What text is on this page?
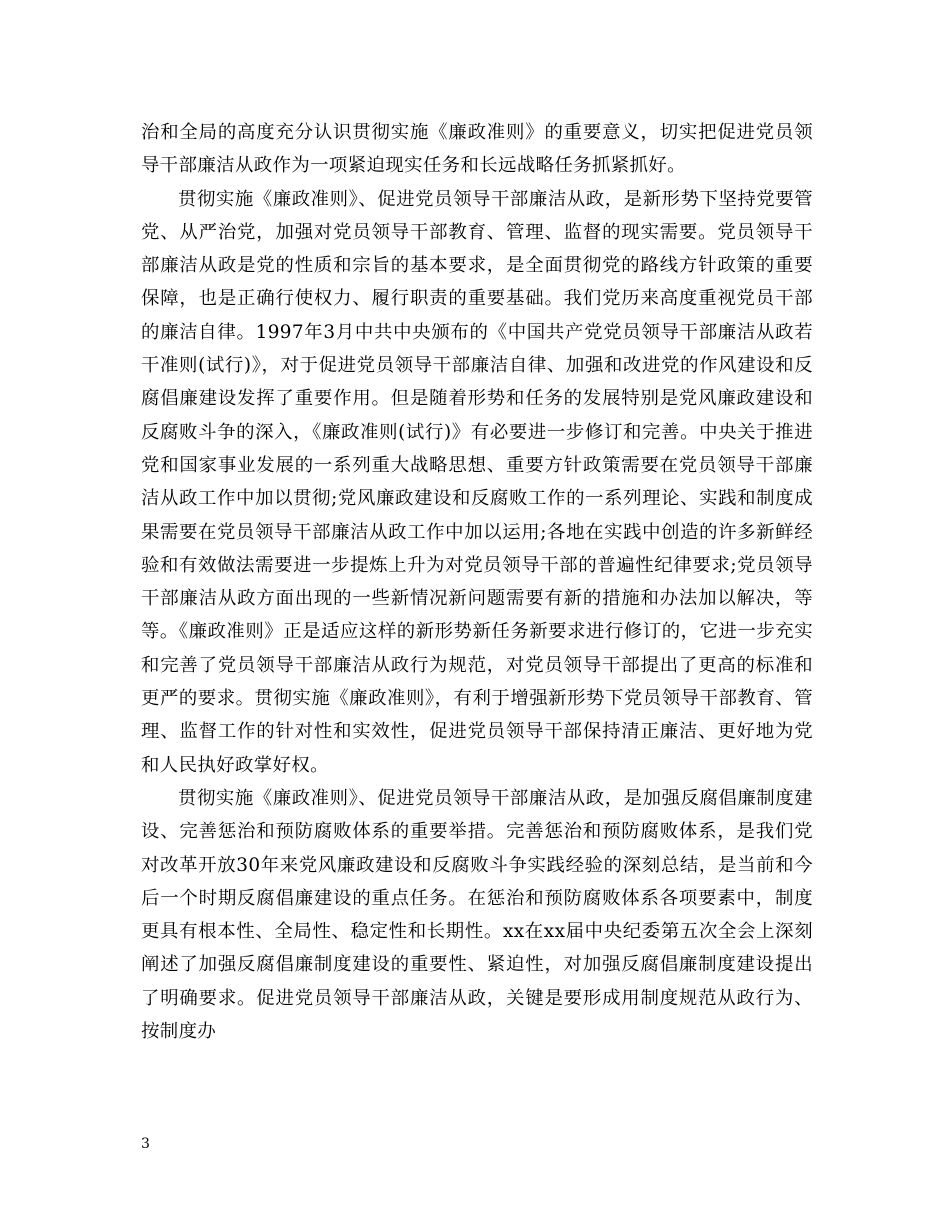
治和全局的高度充分认识贯彻实施《廉政准则》的重要意义，切实把促进党员领导干部廉洁从政作为一项紧迫现实任务和长远战略任务抓紧抓好。

贯彻实施《廉政准则》、促进党员领导干部廉洁从政，是新形势下坚持党要管党、从严治党，加强对党员领导干部教育、管理、监督的现实需要。党员领导干部廉洁从政是党的性质和宗旨的基本要求，是全面贯彻党的路线方针政策的重要保障，也是正确行使权力、履行职责的重要基础。我们党历来高度重视党员干部的廉洁自律。1997年3月中共中央颁布的《中国共产党党员领导干部廉洁从政若干准则(试行)》，对于促进党员领导干部廉洁自律、加强和改进党的作风建设和反腐倡廉建设发挥了重要作用。但是随着形势和任务的发展特别是党风廉政建设和反腐败斗争的深入，《廉政准则(试行)》有必要进一步修订和完善。中央关于推进党和国家事业发展的一系列重大战略思想、重要方针政策需要在党员领导干部廉洁从政工作中加以贯彻;党风廉政建设和反腐败工作的一系列理论、实践和制度成果需要在党员领导干部廉洁从政工作中加以运用;各地在实践中创造的许多新鲜经验和有效做法需要进一步提炼上升为对党员领导干部的普遍性纪律要求;党员领导干部廉洁从政方面出现的一些新情况新问题需要有新的措施和办法加以解决，等等。《廉政准则》正是适应这样的新形势新任务新要求进行修订的，它进一步充实和完善了党员领导干部廉洁从政行为规范，对党员领导干部提出了更高的标准和更严的要求。贯彻实施《廉政准则》，有利于增强新形势下党员领导干部教育、管理、监督工作的针对性和实效性，促进党员领导干部保持清正廉洁、更好地为党和人民执好政掌好权。

贯彻实施《廉政准则》、促进党员领导干部廉洁从政，是加强反腐倡廉制度建设、完善惩治和预防腐败体系的重要举措。完善惩治和预防腐败体系，是我们党对改革开放30年来党风廉政建设和反腐败斗争实践经验的深刻总结，是当前和今后一个时期反腐倡廉建设的重点任务。在惩治和预防腐败体系各项要素中，制度更具有根本性、全局性、稳定性和长期性。xx在xx届中央纪委第五次全会上深刻阐述了加强反腐倡廉制度建设的重要性、紧迫性，对加强反腐倡廉制度建设提出了明确要求。促进党员领导干部廉洁从政，关键是要形成用制度规范从政行为、按制度办

3
